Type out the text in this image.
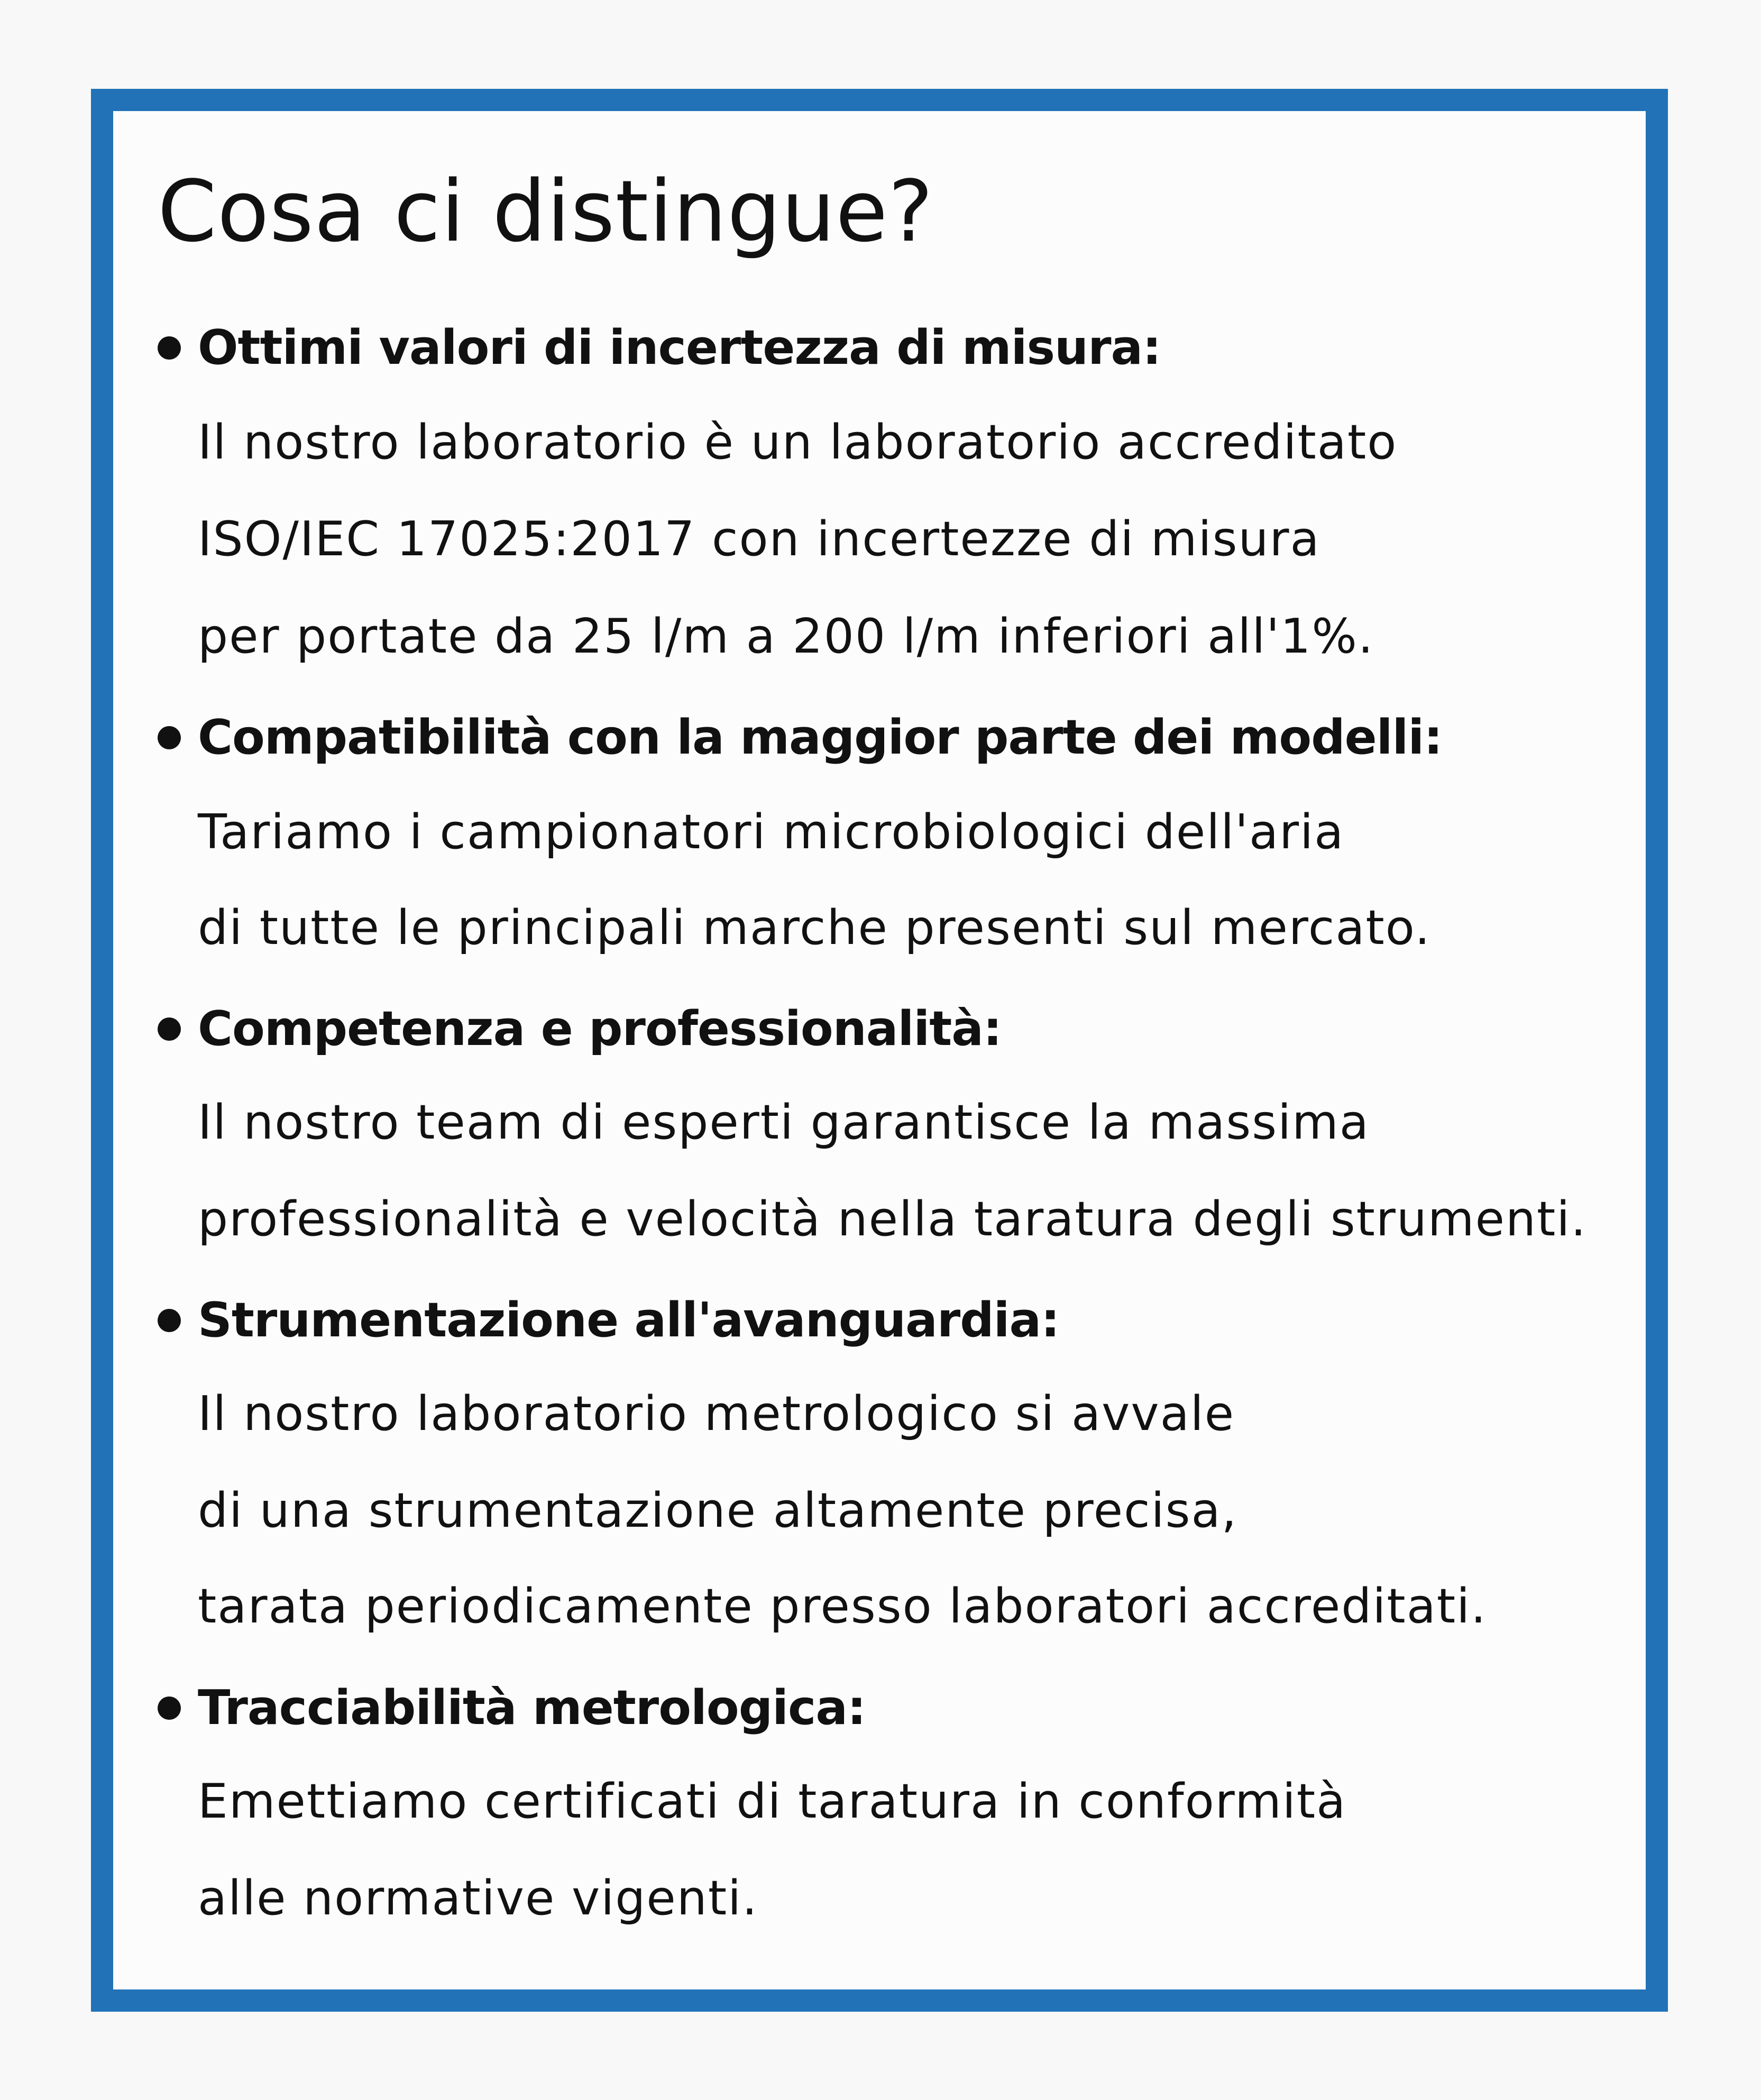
Cosa ci distingue?
Ottimi valori di incertezza di misura:
Il nostro laboratorio è un laboratorio accreditato
ISO/IEC 17025:2017 con incertezze di misura
per portate da 25 l/m a 200 l/m inferiori all'1%.
Compatibilità con la maggior parte dei modelli:
Tariamo i campionatori microbiologici dell'aria
di tutte le principali marche presenti sul mercato.
Competenza e professionalità:
Il nostro team di esperti garantisce la massima
professionalità e velocità nella taratura degli strumenti.
Strumentazione all'avanguardia:
Il nostro laboratorio metrologico si avvale
di una strumentazione altamente precisa,
tarata periodicamente presso laboratori accreditati.
Tracciabilità metrologica:
Emettiamo certificati di taratura in conformità
alle normative vigenti.
